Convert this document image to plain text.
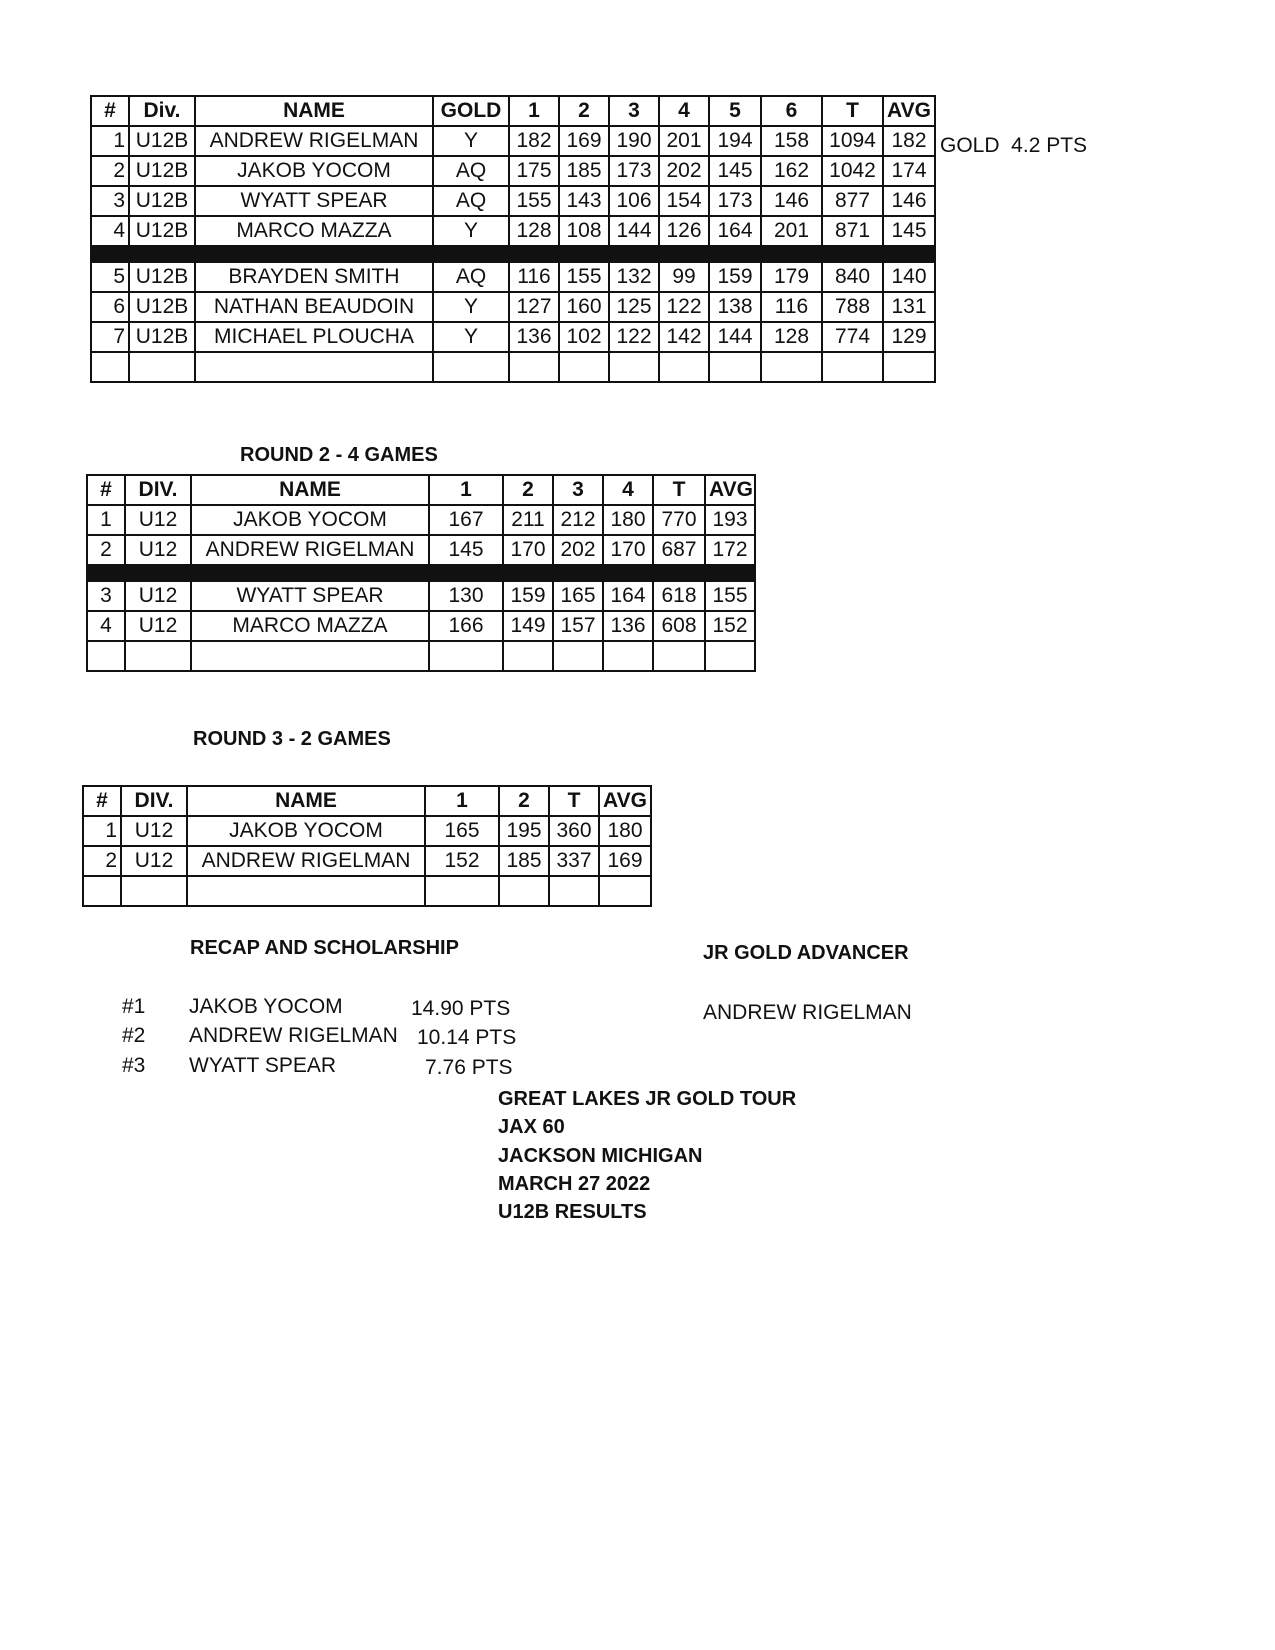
#	Div.	NAME	GOLD	1	2	3	4	5	6	T	AVG
1	U12B	ANDREW RIGELMAN	Y	182	169	190	201	194	158	1094	182
2	U12B	JAKOB YOCOM	AQ	175	185	173	202	145	162	1042	174
3	U12B	WYATT SPEAR	AQ	155	143	106	154	173	146	877	146
4	U12B	MARCO MAZZA	Y	128	108	144	126	164	201	871	145

5	U12B	BRAYDEN SMITH	AQ	116	155	132	99	159	179	840	140
6	U12B	NATHAN BEAUDOIN	Y	127	160	125	122	138	116	788	131
7	U12B	MICHAEL PLOUCHA	Y	136	102	122	142	144	128	774	129

GOLD  4.2 PTS
ROUND 2 - 4 GAMES
#	DIV.	NAME	1	2	3	4	T	AVG
1	U12	JAKOB YOCOM	167	211	212	180	770	193
2	U12	ANDREW RIGELMAN	145	170	202	170	687	172

3	U12	WYATT SPEAR	130	159	165	164	618	155
4	U12	MARCO MAZZA	166	149	157	136	608	152

ROUND 3 - 2 GAMES
#	DIV.	NAME	1	2	T	AVG
1	U12	JAKOB YOCOM	165	195	360	180
2	U12	ANDREW RIGELMAN	152	185	337	169

RECAP AND SCHOLARSHIP
#1 JAKOB YOCOM	14.90 PTS
#2 ANDREW RIGELMAN 10.14 PTS
#3 WYATT SPEAR	7.76 PTS
JR GOLD ADVANCER
ANDREW RIGELMAN
GREAT LAKES JR GOLD TOUR
JAX 60
JACKSON MICHIGAN
MARCH 27 2022
U12B RESULTS
